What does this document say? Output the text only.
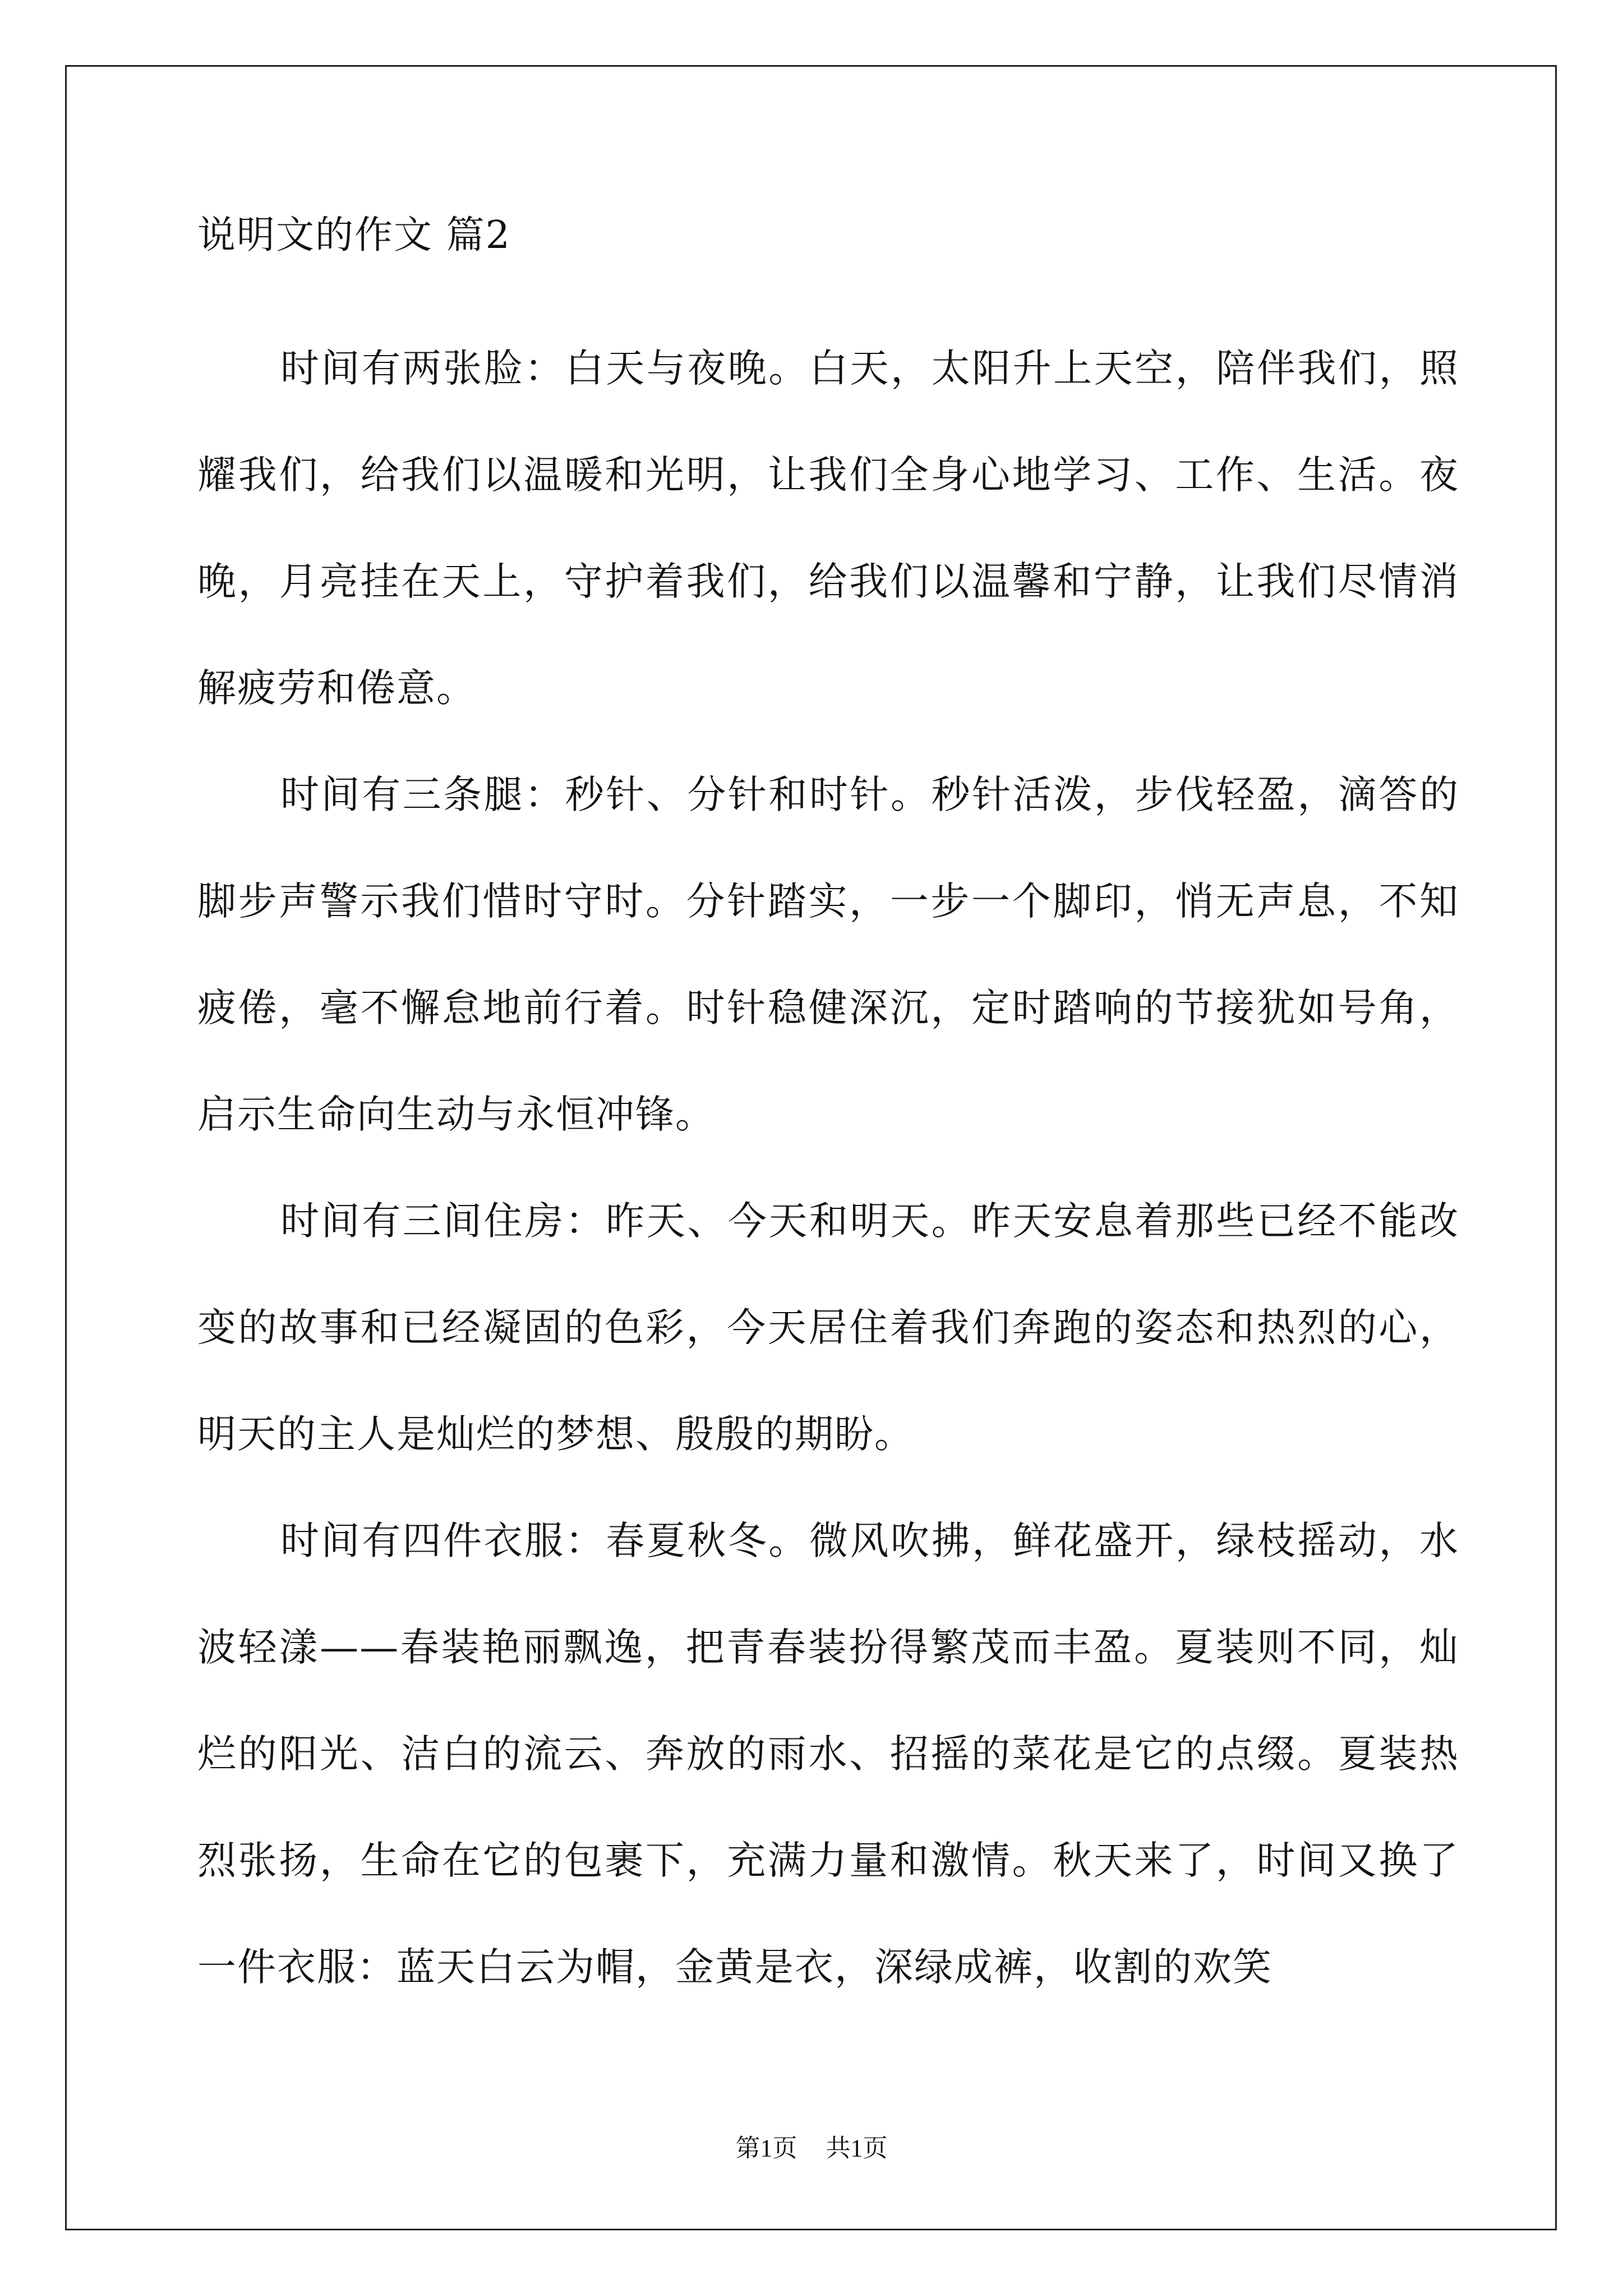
说明文的作文 篇2

时间有两张脸：白天与夜晚。白天，太阳升上天空，陪伴我们，照耀我们，给我们以温暖和光明，让我们全身心地学习、工作、生活。夜晚，月亮挂在天上，守护着我们，给我们以温馨和宁静，让我们尽情消解疲劳和倦意。

时间有三条腿：秒针、分针和时针。秒针活泼，步伐轻盈，滴答的脚步声警示我们惜时守时。分针踏实，一步一个脚印，悄无声息，不知疲倦，毫不懈怠地前行着。时针稳健深沉，定时踏响的节接犹如号角，启示生命向生动与永恒冲锋。

时间有三间住房：昨天、今天和明天。昨天安息着那些已经不能改变的故事和已经凝固的色彩，今天居住着我们奔跑的姿态和热烈的心，明天的主人是灿烂的梦想、殷殷的期盼。

时间有四件衣服：春夏秋冬。微风吹拂，鲜花盛开，绿枝摇动，水波轻漾——春装艳丽飘逸，把青春装扮得繁茂而丰盈。夏装则不同，灿烂的阳光、洁白的流云、奔放的雨水、招摇的菜花是它的点缀。夏装热烈张扬，生命在它的包裹下，充满力量和激情。秋天来了，时间又换了一件衣服：蓝天白云为帽，金黄是衣，深绿成裤，收割的欢笑

第1页 共1页
